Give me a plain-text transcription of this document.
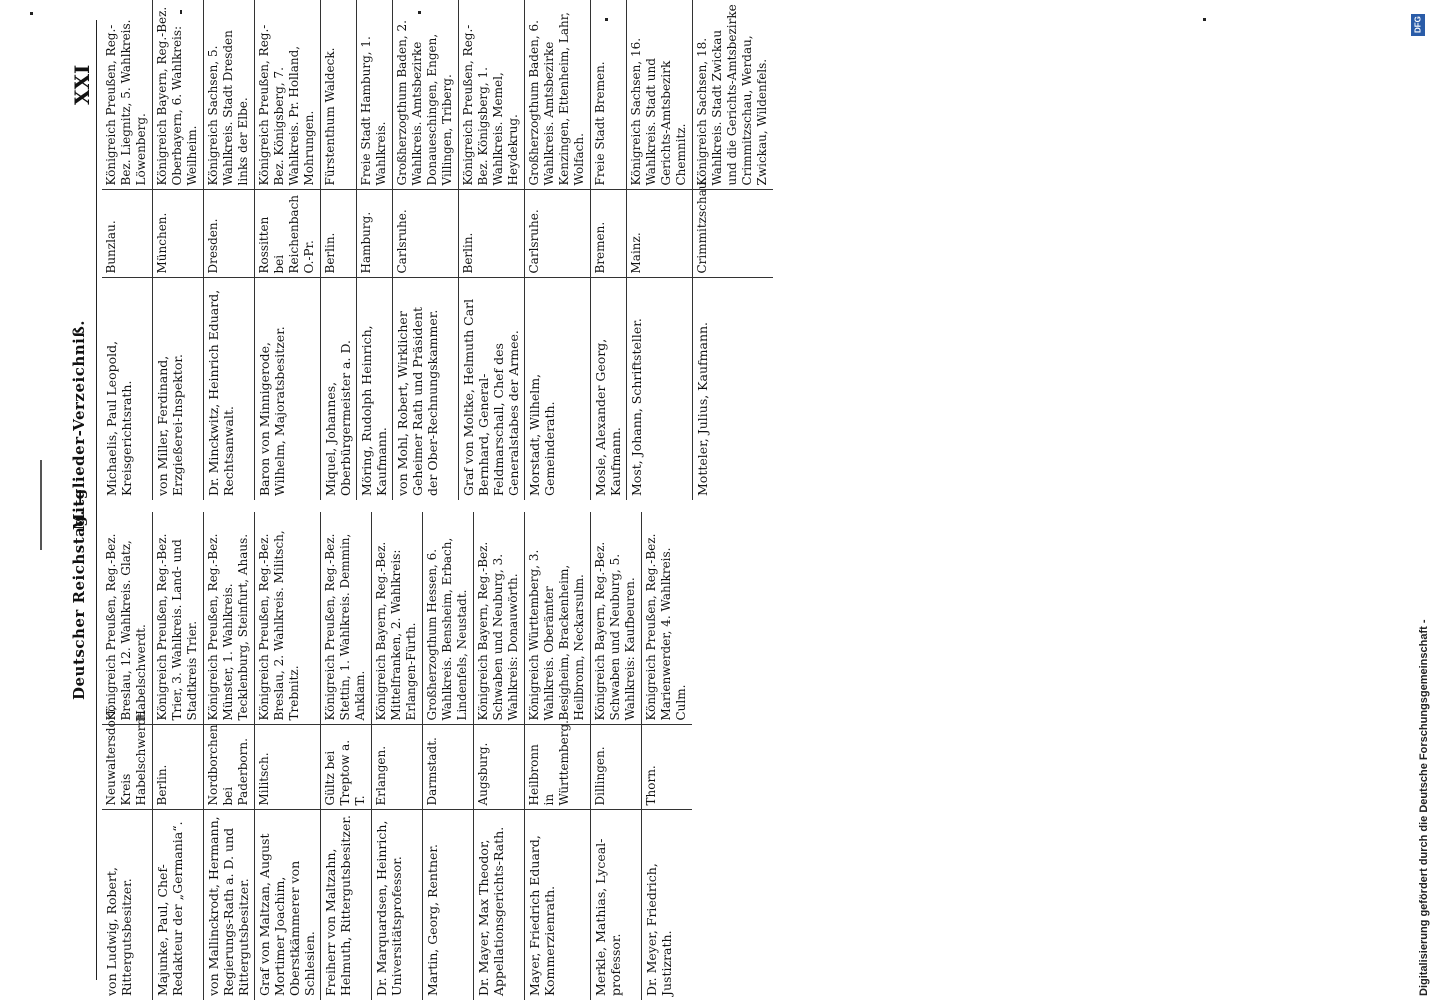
DFG
Digitalisierung gefördert durch die Deutsche Forschungsgemeinschaft -
Deutscher Reichstag. —
Mitglieder-Verzeichniß.
XXI
von Ludwig, Robert, Rittergutsbesitzer.	Neuwaltersdorf, Kreis Habelschwerdt.	Königreich Preußen, Reg.-Bez. Breslau, 12. Wahlkreis. Glatz, Habelschwerdt.
Majunke, Paul, Chef-Redakteur der „Germania“.	Berlin.	Königreich Preußen, Reg.-Bez. Trier, 3. Wahlkreis. Land- und Stadtkreis Trier.
von Mallinckrodt, Hermann, Regierungs-Rath a. D. und Rittergutsbesitzer.	Nordborchen bei Paderborn.	Königreich Preußen, Reg.-Bez. Münster, 1. Wahlkreis. Tecklenburg, Steinfurt, Ahaus.
Graf von Maltzan, August Mortimer Joachim, Oberstkämmerer von Schlesien.	Militsch.	Königreich Preußen, Reg.-Bez. Breslau, 2. Wahlkreis. Militsch, Trebnitz.
Freiherr von Maltzahn, Helmuth, Rittergutsbesitzer.	Gültz bei Treptow a. T.	Königreich Preußen, Reg.-Bez. Stettin, 1. Wahlkreis. Demmin, Anklam.
Dr. Marquardsen, Heinrich, Universitätsprofessor.	Erlangen.	Königreich Bayern, Reg.-Bez. Mittelfranken, 2. Wahlkreis: Erlangen-Fürth.
Martin, Georg, Rentner.	Darmstadt.	Großherzogthum Hessen, 6. Wahlkreis. Bensheim, Erbach, Lindenfels, Neustadt.
Dr. Mayer, Max Theodor, Appellationsgerichts-Rath.	Augsburg.	Königreich Bayern, Reg.-Bez. Schwaben und Neuburg, 3. Wahlkreis: Donauwörth.
Mayer, Friedrich Eduard, Kommerzienrath.	Heilbronn in Württemberg.	Königreich Württemberg, 3. Wahlkreis. Oberämter Besigheim, Brackenheim, Heilbronn, Neckarsulm.
Merkle, Mathias, Lyceal-professor.	Dillingen.	Königreich Bayern, Reg.-Bez. Schwaben und Neuburg, 5. Wahlkreis: Kaufbeuren.
Dr. Meyer, Friedrich, Justizrath.	Thorn.	Königreich Preußen, Reg.-Bez. Marienwerder, 4. Wahlkreis. Culm.
Michaelis, Paul Leopold, Kreisgerichtsrath.	Bunzlau.	Königreich Preußen, Reg.-Bez. Liegnitz, 5. Wahlkreis. Löwenberg.
von Miller, Ferdinand, Erzgießerei-Inspektor.	München.	Königreich Bayern, Reg.-Bez. Oberbayern, 6. Wahlkreis: Weilheim.
Dr. Minckwitz, Heinrich Eduard, Rechtsanwalt.	Dresden.	Königreich Sachsen, 5. Wahlkreis. Stadt Dresden links der Elbe.
Baron von Minnigerode, Wilhelm, Majoratsbesitzer.	Rossitten bei Reichenbach O.-Pr.	Königreich Preußen, Reg.-Bez. Königsberg, 7. Wahlkreis. Pr. Holland, Mohrungen.
Miquel, Johannes, Oberbürgermeister a. D.	Berlin.	Fürstenthum Waldeck.
Möring, Rudolph Heinrich, Kaufmann.	Hamburg.	Freie Stadt Hamburg, 1. Wahlkreis.
von Mohl, Robert, Wirklicher Geheimer Rath und Präsident der Ober-Rechnungskammer.	Carlsruhe.	Großherzogthum Baden, 2. Wahlkreis. Amtsbezirke Donaueschingen, Engen, Villingen, Triberg.
Graf von Moltke, Helmuth Carl Bernhard, General-Feldmarschall, Chef des Generalstabes der Armee.	Berlin.	Königreich Preußen, Reg.-Bez. Königsberg, 1. Wahlkreis. Memel, Heydekrug.
Morstadt, Wilhelm, Gemeinderath.	Carlsruhe.	Großherzogthum Baden, 6. Wahlkreis. Amtsbezirke Kenzingen, Ettenheim, Lahr, Wolfach.
Mosle, Alexander Georg, Kaufmann.	Bremen.	Freie Stadt Bremen.
Most, Johann, Schriftsteller.	Mainz.	Königreich Sachsen, 16. Wahlkreis. Stadt und Gerichts-Amtsbezirk Chemnitz.
Motteler, Julius, Kaufmann.	Crimmitzschau.	Königreich Sachsen, 18. Wahlkreis. Stadt Zwickau und die Gerichts-Amtsbezirke Crimmitzschau, Werdau, Zwickau, Wildenfels.
